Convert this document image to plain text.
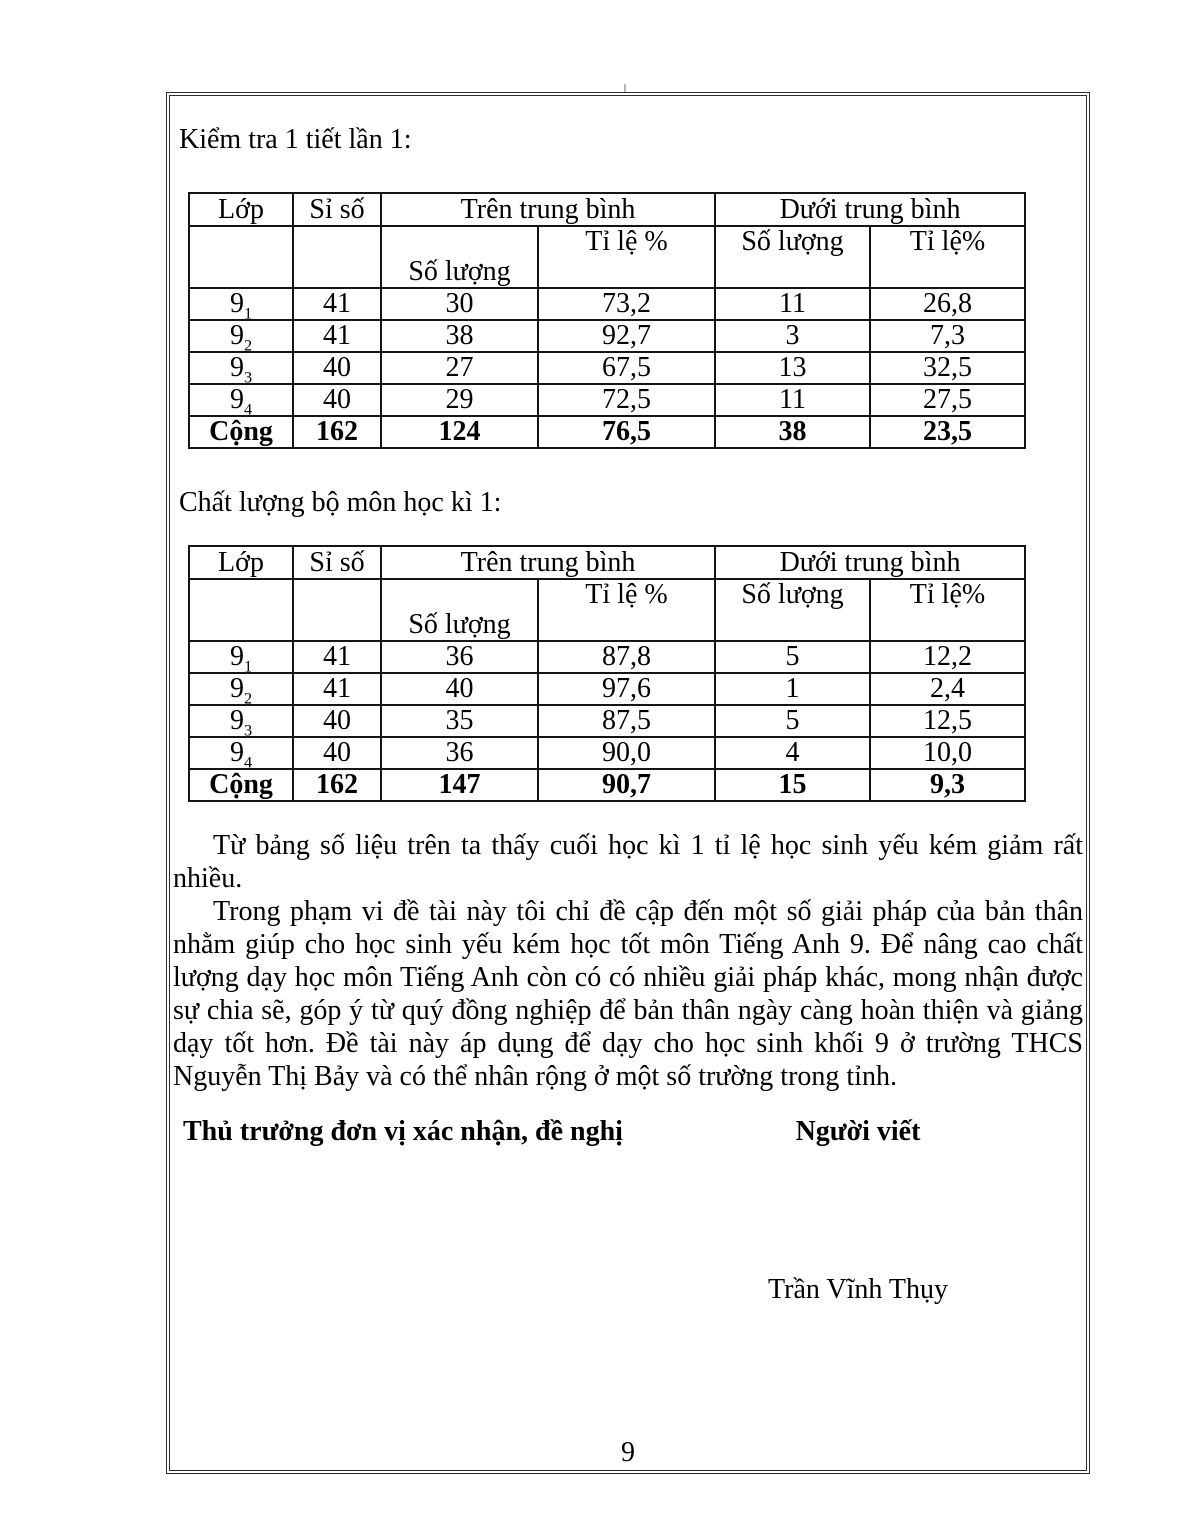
Kiểm tra 1 tiết lần 1:

Lớp	Sỉ số	Trên trung bình		Dưới trung bình	
		Số lượng	Tỉ lệ %	Số lượng	Tỉ lệ%
$9_1$	41	30	73,2	11	26,8
$9_2$	41	38	92,7	3	7,3
$9_3$	40	27	67,5	13	32,5
$9_4$	40	29	72,5	11	27,5
Cộng	162	124	76,5	38	23,5

Chất lượng bộ môn học kì 1:

Lớp	Sỉ số	Trên trung bình		Dưới trung bình	
		Số lượng	Tỉ lệ %	Số lượng	Tỉ lệ%
$9_1$	41	36	87,8	5	12,2
$9_2$	41	40	97,6	1	2,4
$9_3$	40	35	87,5	5	12,5
$9_4$	40	36	90,0	4	10,0
Cộng	162	147	90,7	15	9,3

Từ bảng số liệu trên ta thấy cuối học kì 1 tỉ lệ học sinh yếu kém giảm rất nhiều.

Trong phạm vi đề tài này tôi chỉ đề cập đến một số giải pháp của bản thân nhằm giúp cho học sinh yếu kém học tốt môn Tiếng Anh 9. Để nâng cao chất lượng dạy học môn Tiếng Anh còn có có nhiều giải pháp khác, mong nhận được sự chia sẽ, góp ý từ quý đồng nghiệp để bản thân ngày càng hoàn thiện và giảng dạy tốt hơn. Đề tài này áp dụng để dạy cho học sinh khối 9 ở trường THCS Nguyễn Thị Bảy và có thể nhân rộng ở một số trường trong tỉnh.

Thủ trưởng đơn vị xác nhận, đề nghị	Người viết
Trần Vĩnh Thụy
9
